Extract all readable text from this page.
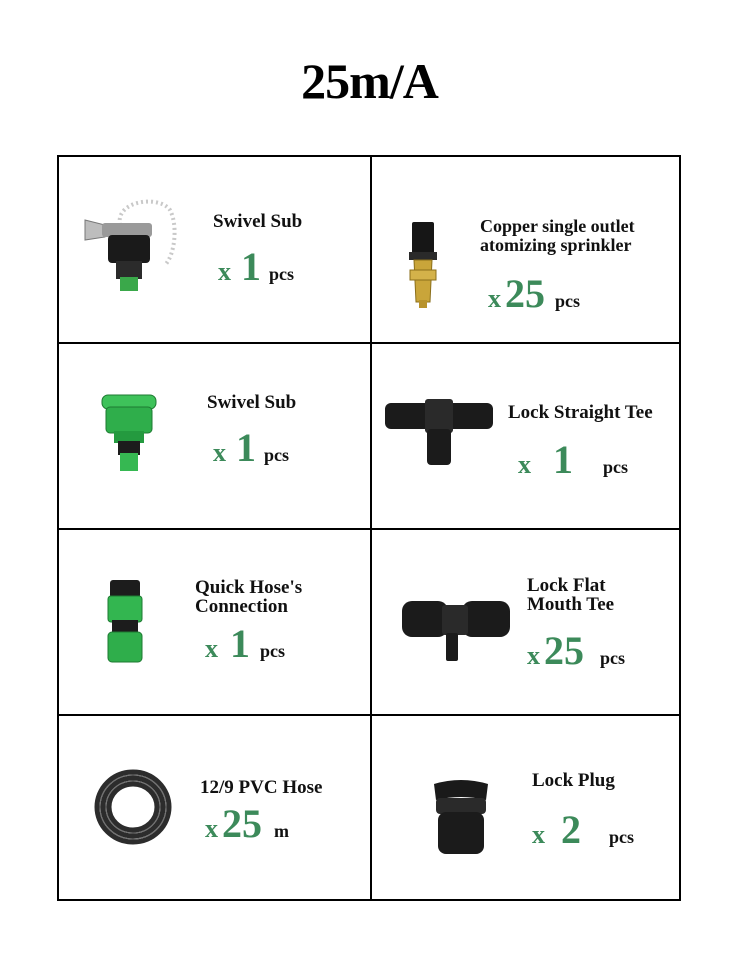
25m/A
Swivel Sub
x 1 pcs
Copper single outlet
atomizing sprinkler
x 25 pcs
Swivel Sub
x 1 pcs
Lock Straight Tee
x 1 pcs
Quick Hose's
Connection
x 1 pcs
Lock Flat
Mouth Tee
x 25 pcs
12/9 PVC Hose
x 25 m
Lock Plug
x 2 pcs
